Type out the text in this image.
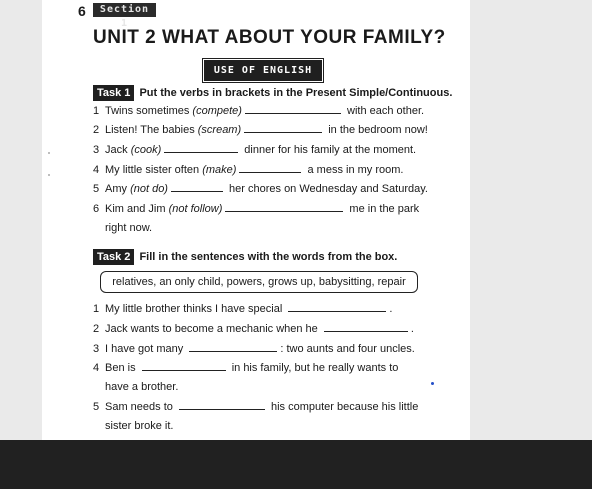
6	Section 1
UNIT 2 WHAT ABOUT YOUR FAMILY?
USE OF ENGLISH
Task 1 Put the verbs in brackets in the Present Simple/Continuous.
1 Twins sometimes (compete)	with each other.
2 Listen! The babies (scream)	in the bedroom now!
3 Jack (cook)	dinner for his family at the moment.
4 My little sister often (make)	a mess in my room.
5 Amy (not do)	her chores on Wednesday and Saturday.
6 Kim and Jim (not follow)	me in the park
right now.
Task 2 Fill in the sentences with the words from the box.
relatives, an only child, powers, grows up, babysitting, repair
1 My little brother thinks I have special	.
2 Jack wants to become a mechanic when he	.
3 I have got many	: two aunts and four uncles.
4 Ben is	in his family, but he really wants to
have a brother.
5 Sam needs to	his computer because his little
sister broke it.
